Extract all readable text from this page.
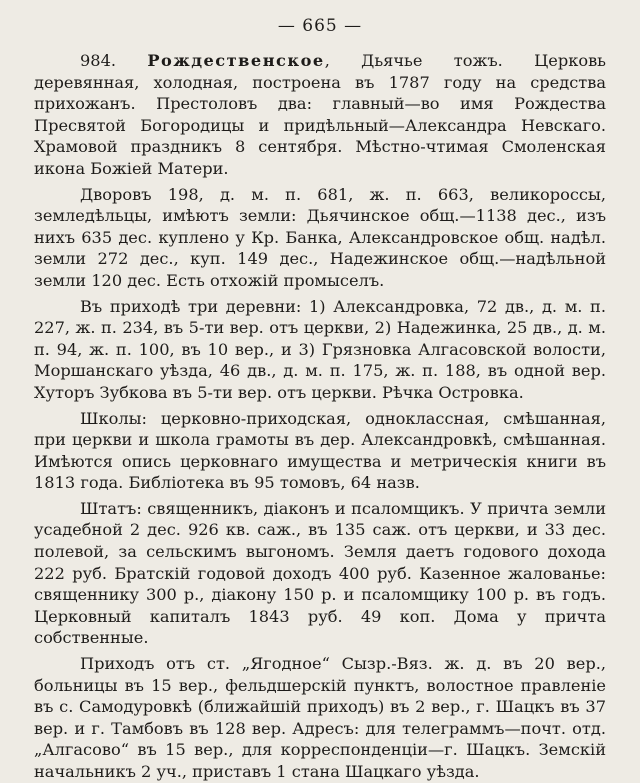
— 665 —

984. Рождественское, Дьячье тожъ. Церковь деревянная, холодная, построена въ 1787 году на средства прихожанъ. Престоловъ два: главный—во имя Рождества Пресвятой Богородицы и придѣльный—Александра Невскаго. Храмовой праздникъ 8 сентября. Мѣстно-чтимая Смоленская икона Божіей Матери.

Дворовъ 198, д. м. п. 681, ж. п. 663, великороссы, земледѣльцы, имѣютъ земли: Дьячинское общ.—1138 дес., изъ нихъ 635 дес. куплено у Кр. Банка, Александровское общ. надѣл. земли 272 дес., куп. 149 дес., Надежинское общ.—надѣльной земли 120 дес. Есть отхожій промыселъ.

Въ приходѣ три деревни: 1) Александровка, 72 дв., д. м. п. 227, ж. п. 234, въ 5-ти вер. отъ церкви, 2) Надежинка, 25 дв., д. м. п. 94, ж. п. 100, въ 10 вер., и 3) Грязновка Алгасовской волости, Моршанскаго уѣзда, 46 дв., д. м. п. 175, ж. п. 188, въ одной вер. Хуторъ Зубкова въ 5-ти вер. отъ церкви. Рѣчка Островка.

Школы: церковно-приходская, одноклассная, смѣшанная, при церкви и школа грамоты въ дер. Александровкѣ, смѣшанная. Имѣются опись церковнаго имущества и метрическія книги въ 1813 года. Библіотека въ 95 томовъ, 64 назв.

Штатъ: священникъ, діаконъ и псаломщикъ. У причта земли усадебной 2 дес. 926 кв. саж., въ 135 саж. отъ церкви, и 33 дес. полевой, за сельскимъ выгономъ. Земля даетъ годового дохода 222 руб. Братскій годовой доходъ 400 руб. Казенное жалованье: священнику 300 р., діакону 150 р. и псаломщику 100 р. въ годъ. Церковный капиталъ 1843 руб. 49 коп. Дома у причта собственные.

Приходъ отъ ст. „Ягодное“ Сызр.-Вяз. ж. д. въ 20 вер., больницы въ 15 вер., фельдшерскій пунктъ, волостное правленіе въ с. Самодуровкѣ (ближайшій приходъ) въ 2 вер., г. Шацкъ въ 37 вер. и г. Тамбовъ въ 128 вер. Адресъ: для телеграммъ—почт. отд. „Алгасово“ въ 15 вер., для корреспонденціи—г. Шацкъ. Земскій начальникъ 2 уч., приставъ 1 стана Шацкаго уѣзда.
